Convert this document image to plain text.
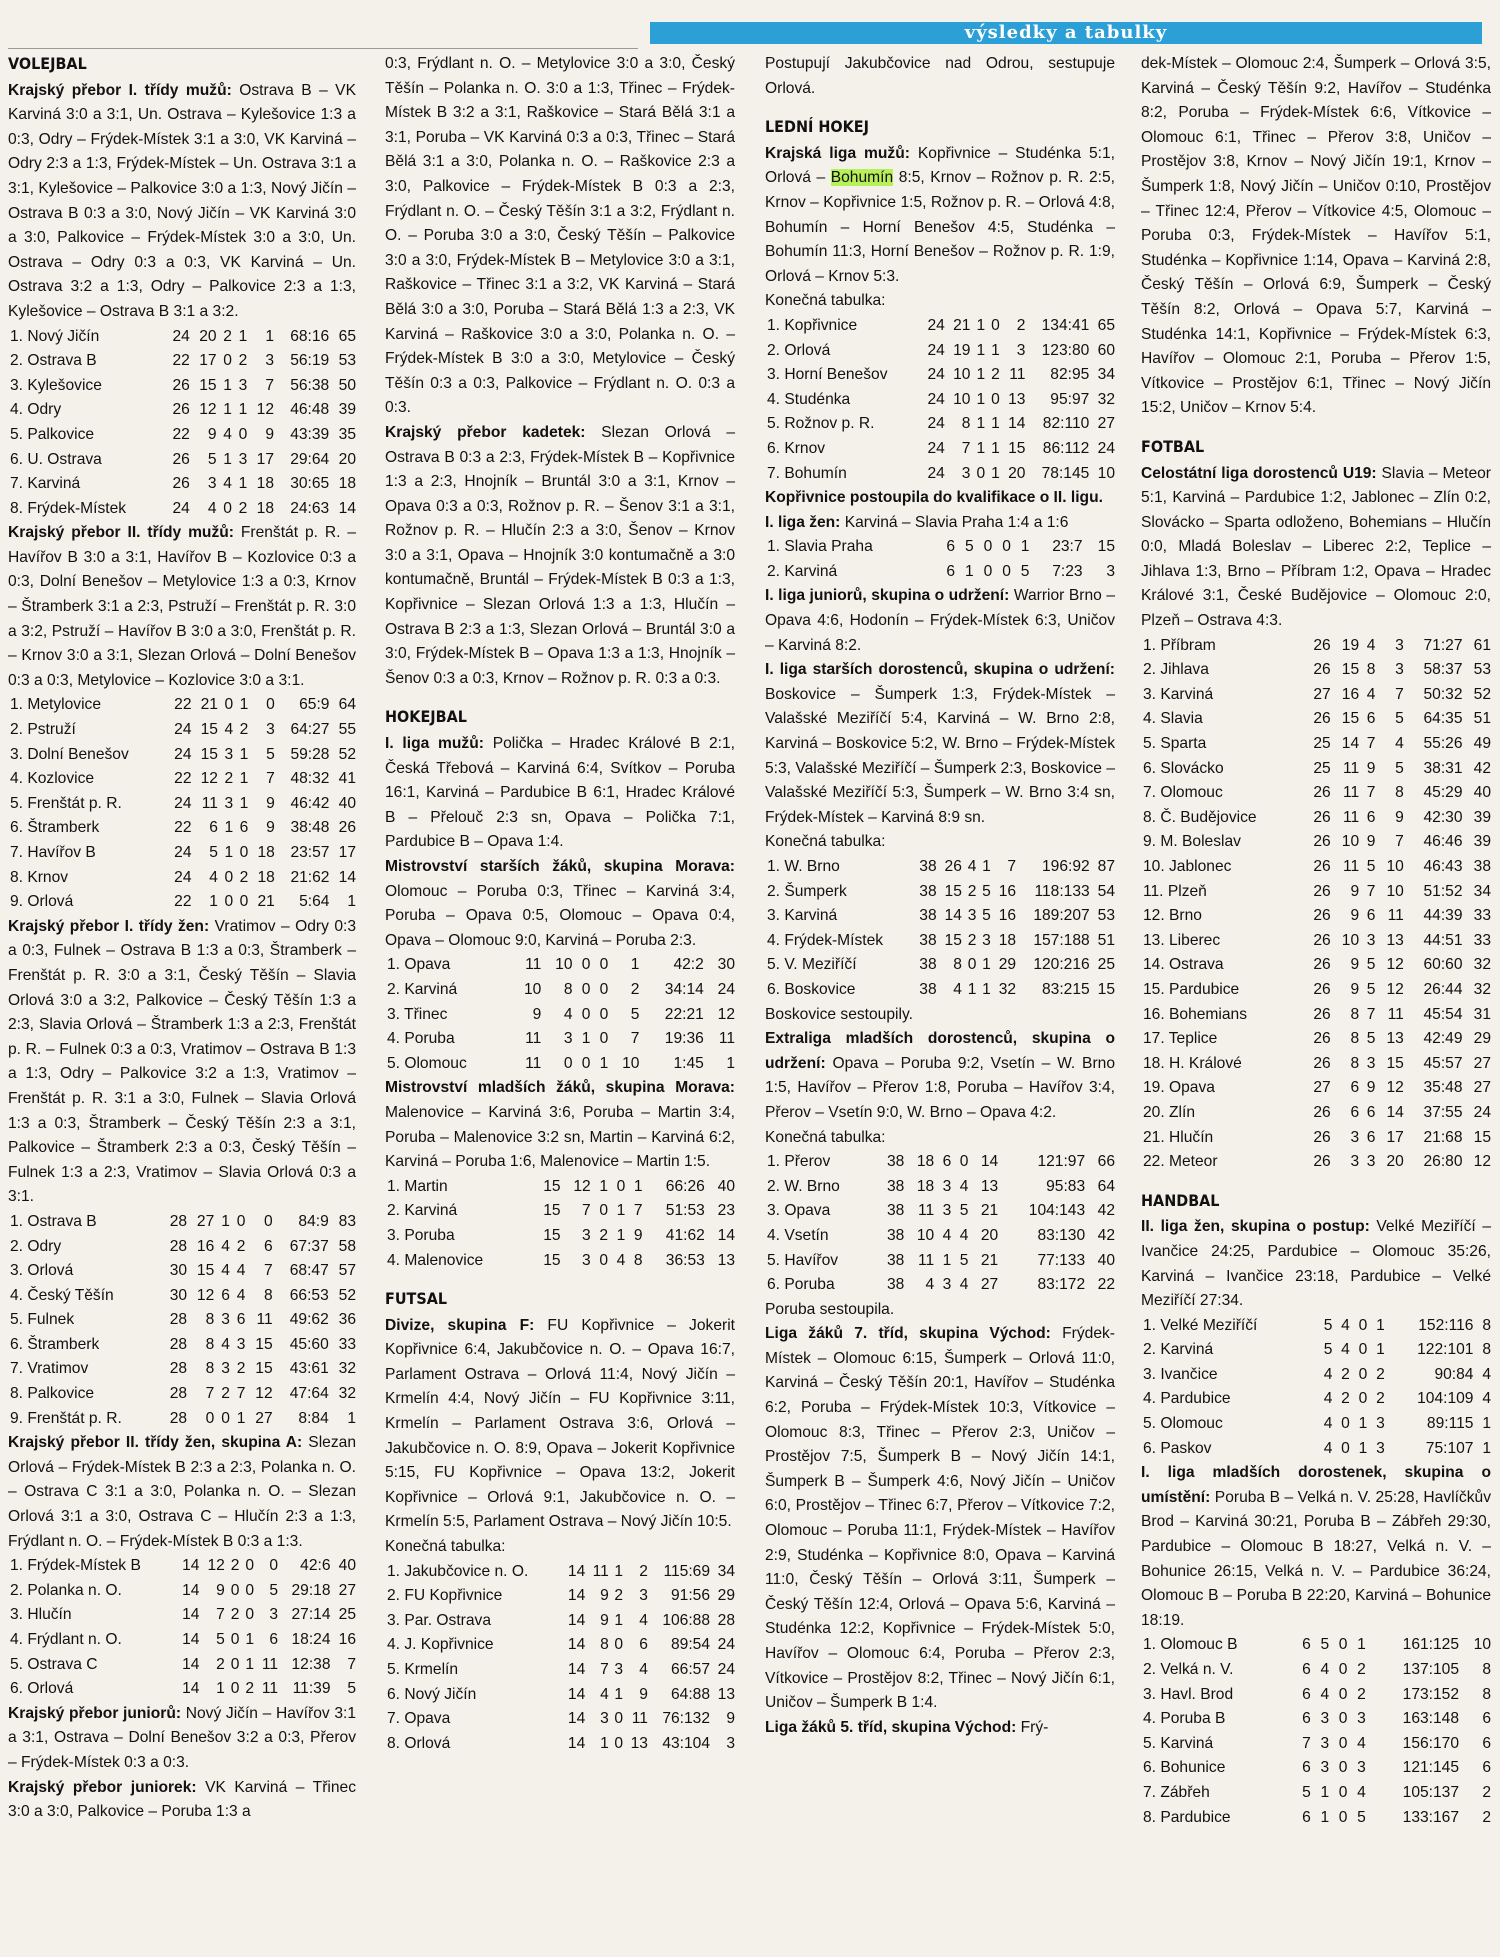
výsledky a tabulky
VOLEJBAL

Krajský přebor I. třídy mužů: Ostrava B – VK Karviná 3:0 a 3:1, Un. Ostrava – Kylešovice 1:3 a 0:3, Odry – Frýdek-Místek 3:1 a 3:0, VK Karviná – Odry 2:3 a 1:3, Frýdek-Místek – Un. Ostrava 3:1 a 3:1, Kylešovice – Palkovice 3:0 a 1:3, Nový Jičín – Ostrava B 0:3 a 3:0, Nový Jičín – VK Karviná 3:0 a 3:0, Palkovice – Frýdek-Místek 3:0 a 3:0, Un. Ostrava – Odry 0:3 a 0:3, VK Karviná – Un. Ostrava 3:2 a 1:3, Odry – Palkovice 2:3 a 1:3, Kylešovice – Ostrava B 3:1 a 3:2.

1. Nový Jičín	24	20	2	1	1	68:16	65
2. Ostrava B	22	17	0	2	3	56:19	53
3. Kylešovice	26	15	1	3	7	56:38	50
4. Odry	26	12	1	1	12	46:48	39
5. Palkovice	22	9	4	0	9	43:39	35
6. U. Ostrava	26	5	1	3	17	29:64	20
7. Karviná	26	3	4	1	18	30:65	18
8. Frýdek-Místek	24	4	0	2	18	24:63	14

Krajský přebor II. třídy mužů: Frenštát p. R. – Havířov B 3:0 a 3:1, Havířov B – Kozlovice 0:3 a 0:3, Dolní Benešov – Metylovice 1:3 a 0:3, Krnov – Štramberk 3:1 a 2:3, Pstruží – Frenštát p. R. 3:0 a 3:2, Pstruží – Havířov B 3:0 a 3:0, Frenštát p. R. – Krnov 3:0 a 3:1, Slezan Orlová – Dolní Benešov 0:3 a 0:3, Metylovice – Kozlovice 3:0 a 3:1.

1. Metylovice	22	21	0	1	0	65:9	64
2. Pstruží	24	15	4	2	3	64:27	55
3. Dolní Benešov	24	15	3	1	5	59:28	52
4. Kozlovice	22	12	2	1	7	48:32	41
5. Frenštát p. R.	24	11	3	1	9	46:42	40
6. Štramberk	22	6	1	6	9	38:48	26
7. Havířov B	24	5	1	0	18	23:57	17
8. Krnov	24	4	0	2	18	21:62	14
9. Orlová	22	1	0	0	21	5:64	1

Krajský přebor I. třídy žen: Vratimov – Odry 0:3 a 0:3, Fulnek – Ostrava B 1:3 a 0:3, Štramberk – Frenštát p. R. 3:0 a 3:1, Český Těšín – Slavia Orlová 3:0 a 3:2, Palkovice – Český Těšín 1:3 a 2:3, Slavia Orlová – Štramberk 1:3 a 2:3, Frenštát p. R. – Fulnek 0:3 a 0:3, Vratimov – Ostrava B 1:3 a 1:3, Odry – Palkovice 3:2 a 1:3, Vratimov – Frenštát p. R. 3:1 a 3:0, Fulnek – Slavia Orlová 1:3 a 0:3, Štramberk – Český Těšín 2:3 a 3:1, Palkovice – Štramberk 2:3 a 0:3, Český Těšín – Fulnek 1:3 a 2:3, Vratimov – Slavia Orlová 0:3 a 3:1.

1. Ostrava B	28	27	1	0	0	84:9	83
2. Odry	28	16	4	2	6	67:37	58
3. Orlová	30	15	4	4	7	68:47	57
4. Český Těšín	30	12	6	4	8	66:53	52
5. Fulnek	28	8	3	6	11	49:62	36
6. Štramberk	28	8	4	3	15	45:60	33
7. Vratimov	28	8	3	2	15	43:61	32
8. Palkovice	28	7	2	7	12	47:64	32
9. Frenštát p. R.	28	0	0	1	27	8:84	1

Krajský přebor II. třídy žen, skupina A: Slezan Orlová – Frýdek-Místek B 2:3 a 2:3, Polanka n. O. – Ostrava C 3:1 a 3:0, Polanka n. O. – Slezan Orlová 3:1 a 3:0, Ostrava C – Hlučín 2:3 a 1:3, Frýdlant n. O. – Frýdek-Místek B 0:3 a 1:3.

1. Frýdek-Místek B	14	12	2	0	0	42:6	40
2. Polanka n. O.	14	9	0	0	5	29:18	27
3. Hlučín	14	7	2	0	3	27:14	25
4. Frýdlant n. O.	14	5	0	1	6	18:24	16
5. Ostrava C	14	2	0	1	11	12:38	7
6. Orlová	14	1	0	2	11	11:39	5

Krajský přebor juniorů: Nový Jičín – Havířov 3:1 a 3:1, Ostrava – Dolní Benešov 3:2 a 0:3, Přerov – Frýdek-Místek 0:3 a 0:3.

Krajský přebor juniorek: VK Karviná – Třinec 3:0 a 3:0, Palkovice – Poruba 1:3 a

0:3, Frýdlant n. O. – Metylovice 3:0 a 3:0, Český Těšín – Polanka n. O. 3:0 a 1:3, Třinec – Frýdek-Místek B 3:2 a 3:1, Raškovice – Stará Bělá 3:1 a 3:1, Poruba – VK Karviná 0:3 a 0:3, Třinec – Stará Bělá 3:1 a 3:0, Polanka n. O. – Raškovice 2:3 a 3:0, Palkovice – Frýdek-Místek B 0:3 a 2:3, Frýdlant n. O. – Český Těšín 3:1 a 3:2, Frýdlant n. O. – Poruba 3:0 a 3:0, Český Těšín – Palkovice 3:0 a 3:0, Frýdek-Místek B – Metylovice 3:0 a 3:1, Raškovice – Třinec 3:1 a 3:2, VK Karviná – Stará Bělá 3:0 a 3:0, Poruba – Stará Bělá 1:3 a 2:3, VK Karviná – Raškovice 3:0 a 3:0, Polanka n. O. – Frýdek-Místek B 3:0 a 3:0, Metylovice – Český Těšín 0:3 a 0:3, Palkovice – Frýdlant n. O. 0:3 a 0:3.

Krajský přebor kadetek: Slezan Orlová – Ostrava B 0:3 a 2:3, Frýdek-Místek B – Kopřivnice 1:3 a 2:3, Hnojník – Bruntál 3:0 a 3:1, Krnov – Opava 0:3 a 0:3, Rožnov p. R. – Šenov 3:1 a 3:1, Rožnov p. R. – Hlučín 2:3 a 3:0, Šenov – Krnov 3:0 a 3:1, Opava – Hnojník 3:0 kontumačně a 3:0 kontumačně, Bruntál – Frýdek-Místek B 0:3 a 1:3, Kopřivnice – Slezan Orlová 1:3 a 1:3, Hlučín – Ostrava B 2:3 a 1:3, Slezan Orlová – Bruntál 3:0 a 3:0, Frýdek-Místek B – Opava 1:3 a 1:3, Hnojník – Šenov 0:3 a 0:3, Krnov – Rožnov p. R. 0:3 a 0:3.

HOKEJBAL

I. liga mužů: Polička – Hradec Králové B 2:1, Česká Třebová – Karviná 6:4, Svítkov – Poruba 16:1, Karviná – Pardubice B 6:1, Hradec Králové B – Přelouč 2:3 sn, Opava – Polička 7:1, Pardubice B – Opava 1:4.

Mistrovství starších žáků, skupina Morava: Olomouc – Poruba 0:3, Třinec – Karviná 3:4, Poruba – Opava 0:5, Olomouc – Opava 0:4, Opava – Olomouc 9:0, Karviná – Poruba 2:3.

1. Opava	11	10	0	0	1	42:2	30
2. Karviná	10	8	0	0	2	34:14	24
3. Třinec	9	4	0	0	5	22:21	12
4. Poruba	11	3	1	0	7	19:36	11
5. Olomouc	11	0	0	1	10	1:45	1

Mistrovství mladších žáků, skupina Morava: Malenovice – Karviná 3:6, Poruba – Martin 3:4, Poruba – Malenovice 3:2 sn, Martin – Karviná 6:2, Karviná – Poruba 1:6, Malenovice – Martin 1:5.

1. Martin	15	12	1	0	1	66:26	40
2. Karviná	15	7	0	1	7	51:53	23
3. Poruba	15	3	2	1	9	41:62	14
4. Malenovice	15	3	0	4	8	36:53	13
FUTSAL

Divize, skupina F: FU Kopřivnice – Jokerit Kopřivnice 6:4, Jakubčovice n. O. – Opava 16:7, Parlament Ostrava – Orlová 11:4, Nový Jičín – Krmelín 4:4, Nový Jičín – FU Kopřivnice 3:11, Krmelín – Parlament Ostrava 3:6, Orlová – Jakubčovice n. O. 8:9, Opava – Jokerit Kopřivnice 5:15, FU Kopřivnice – Opava 13:2, Jokerit Kopřivnice – Orlová 9:1, Jakubčovice n. O. – Krmelín 5:5, Parlament Ostrava – Nový Jičín 10:5.

Konečná tabulka:

1. Jakubčovice n. O.	14	11	1	2	115:69	34
2. FU Kopřivnice	14	9	2	3	91:56	29
3. Par. Ostrava	14	9	1	4	106:88	28
4. J. Kopřivnice	14	8	0	6	89:54	24
5. Krmelín	14	7	3	4	66:57	24
6. Nový Jičín	14	4	1	9	64:88	13
7. Opava	14	3	0	11	76:132	9
8. Orlová	14	1	0	13	43:104	3

Postupují Jakubčovice nad Odrou, sestupuje Orlová.

LEDNÍ HOKEJ

Krajská liga mužů: Kopřivnice – Studénka 5:1, Orlová – Bohumín 8:5, Krnov – Rožnov p. R. 2:5, Krnov – Kopřivnice 1:5, Rožnov p. R. – Orlová 4:8, Bohumín – Horní Benešov 4:5, Studénka – Bohumín 11:3, Horní Benešov – Rožnov p. R. 1:9, Orlová – Krnov 5:3.

Konečná tabulka:

1. Kopřivnice	24	21	1	0	2	134:41	65
2. Orlová	24	19	1	1	3	123:80	60
3. Horní Benešov	24	10	1	2	11	82:95	34
4. Studénka	24	10	1	0	13	95:97	32
5. Rožnov p. R.	24	8	1	1	14	82:110	27
6. Krnov	24	7	1	1	15	86:112	24
7. Bohumín	24	3	0	1	20	78:145	10

Kopřivnice postoupila do kvalifikace o II. ligu.

I. liga žen: Karviná – Slavia Praha 1:4 a 1:6

1. Slavia Praha	6	5	0	0	1	23:7	15
2. Karviná	6	1	0	0	5	7:23	3

I. liga juniorů, skupina o udržení: Warrior Brno – Opava 4:6, Hodonín – Frýdek-Místek 6:3, Uničov – Karviná 8:2.

I. liga starších dorostenců, skupina o udržení: Boskovice – Šumperk 1:3, Frýdek-Místek – Valašské Meziříčí 5:4, Karviná – W. Brno 2:8, Karviná – Boskovice 5:2, W. Brno – Frýdek-Místek 5:3, Valašské Meziříčí – Šumperk 2:3, Boskovice – Valašské Meziříčí 5:3, Šumperk – W. Brno 3:4 sn, Frýdek-Místek – Karviná 8:9 sn.

Konečná tabulka:

1. W. Brno	38	26	4	1	7	196:92	87
2. Šumperk	38	15	2	5	16	118:133	54
3. Karviná	38	14	3	5	16	189:207	53
4. Frýdek-Místek	38	15	2	3	18	157:188	51
5. V. Meziříčí	38	8	0	1	29	120:216	25
6. Boskovice	38	4	1	1	32	83:215	15

Boskovice sestoupily.

Extraliga mladších dorostenců, skupina o udržení: Opava – Poruba 9:2, Vsetín – W. Brno 1:5, Havířov – Přerov 1:8, Poruba – Havířov 3:4, Přerov – Vsetín 9:0, W. Brno – Opava 4:2.

Konečná tabulka:

1. Přerov	38	18	6	0	14	121:97	66
2. W. Brno	38	18	3	4	13	95:83	64
3. Opava	38	11	3	5	21	104:143	42
4. Vsetín	38	10	4	4	20	83:130	42
5. Havířov	38	11	1	5	21	77:133	40
6. Poruba	38	4	3	4	27	83:172	22

Poruba sestoupila.

Liga žáků 7. tříd, skupina Východ: Frýdek-Místek – Olomouc 6:15, Šumperk – Orlová 11:0, Karviná – Český Těšín 20:1, Havířov – Studénka 6:2, Poruba – Frýdek-Místek 10:3, Vítkovice – Olomouc 8:3, Třinec – Přerov 2:3, Uničov – Prostějov 7:5, Šumperk B – Nový Jičín 14:1, Šumperk B – Šumperk 4:6, Nový Jičín – Uničov 6:0, Prostějov – Třinec 6:7, Přerov – Vítkovice 7:2, Olomouc – Poruba 11:1, Frýdek-Místek – Havířov 2:9, Studénka – Kopřivnice 8:0, Opava – Karviná 11:0, Český Těšín – Orlová 3:11, Šumperk – Český Těšín 12:4, Orlová – Opava 5:6, Karviná – Studénka 12:2, Kopřivnice – Frýdek-Místek 5:0, Havířov – Olomouc 6:4, Poruba – Přerov 2:3, Vítkovice – Prostějov 8:2, Třinec – Nový Jičín 6:1, Uničov – Šumperk B 1:4.

Liga žáků 5. tříd, skupina Východ: Frý-

dek-Místek – Olomouc 2:4, Šumperk – Orlová 3:5, Karviná – Český Těšín 9:2, Havířov – Studénka 8:2, Poruba – Frýdek-Místek 6:6, Vítkovice – Olomouc 6:1, Třinec – Přerov 3:8, Uničov – Prostějov 3:8, Krnov – Nový Jičín 19:1, Krnov – Šumperk 1:8, Nový Jičín – Uničov 0:10, Prostějov – Třinec 12:4, Přerov – Vítkovice 4:5, Olomouc – Poruba 0:3, Frýdek-Místek – Havířov 5:1, Studénka – Kopřivnice 1:14, Opava – Karviná 2:8, Český Těšín – Orlová 6:9, Šumperk – Český Těšín 8:2, Orlová – Opava 5:7, Karviná – Studénka 14:1, Kopřivnice – Frýdek-Místek 6:3, Havířov – Olomouc 2:1, Poruba – Přerov 1:5, Vítkovice – Prostějov 6:1, Třinec – Nový Jičín 15:2, Uničov – Krnov 5:4.

FOTBAL

Celostátní liga dorostenců U19: Slavia – Meteor 5:1, Karviná – Pardubice 1:2, Jablonec – Zlín 0:2, Slovácko – Sparta odloženo, Bohemians – Hlučín 0:0, Mladá Boleslav – Liberec 2:2, Teplice – Jihlava 1:3, Brno – Příbram 1:2, Opava – Hradec Králové 3:1, České Budějovice – Olomouc 2:0, Plzeň – Ostrava 4:3.

1. Příbram	26	19	4	3	71:27	61
2. Jihlava	26	15	8	3	58:37	53
3. Karviná	27	16	4	7	50:32	52
4. Slavia	26	15	6	5	64:35	51
5. Sparta	25	14	7	4	55:26	49
6. Slovácko	25	11	9	5	38:31	42
7. Olomouc	26	11	7	8	45:29	40
8. Č. Budějovice	26	11	6	9	42:30	39
9. M. Boleslav	26	10	9	7	46:46	39
10. Jablonec	26	11	5	10	46:43	38
11. Plzeň	26	9	7	10	51:52	34
12. Brno	26	9	6	11	44:39	33
13. Liberec	26	10	3	13	44:51	33
14. Ostrava	26	9	5	12	60:60	32
15. Pardubice	26	9	5	12	26:44	32
16. Bohemians	26	8	7	11	45:54	31
17. Teplice	26	8	5	13	42:49	29
18. H. Králové	26	8	3	15	45:57	27
19. Opava	27	6	9	12	35:48	27
20. Zlín	26	6	6	14	37:55	24
21. Hlučín	26	3	6	17	21:68	15
22. Meteor	26	3	3	20	26:80	12
HANDBAL

II. liga žen, skupina o postup: Velké Meziříčí – Ivančice 24:25, Pardubice – Olomouc 35:26, Karviná – Ivančice 23:18, Pardubice – Velké Meziříčí 27:34.

1. Velké Meziříčí	5	4	0	1	152:116	8
2. Karviná	5	4	0	1	122:101	8
3. Ivančice	4	2	0	2	90:84	4
4. Pardubice	4	2	0	2	104:109	4
5. Olomouc	4	0	1	3	89:115	1
6. Paskov	4	0	1	3	75:107	1

I. liga mladších dorostenek, skupina o umístění: Poruba B – Velká n. V. 25:28, Havlíčkův Brod – Karviná 30:21, Poruba B – Zábřeh 29:30, Pardubice – Olomouc B 18:27, Velká n. V. – Bohunice 26:15, Velká n. V. – Pardubice 36:24, Olomouc B – Poruba B 22:20, Karviná – Bohunice 18:19.

1. Olomouc B	6	5	0	1	161:125	10
2. Velká n. V.	6	4	0	2	137:105	8
3. Havl. Brod	6	4	0	2	173:152	8
4. Poruba B	6	3	0	3	163:148	6
5. Karviná	7	3	0	4	156:170	6
6. Bohunice	6	3	0	3	121:145	6
7. Zábřeh	5	1	0	4	105:137	2
8. Pardubice	6	1	0	5	133:167	2
